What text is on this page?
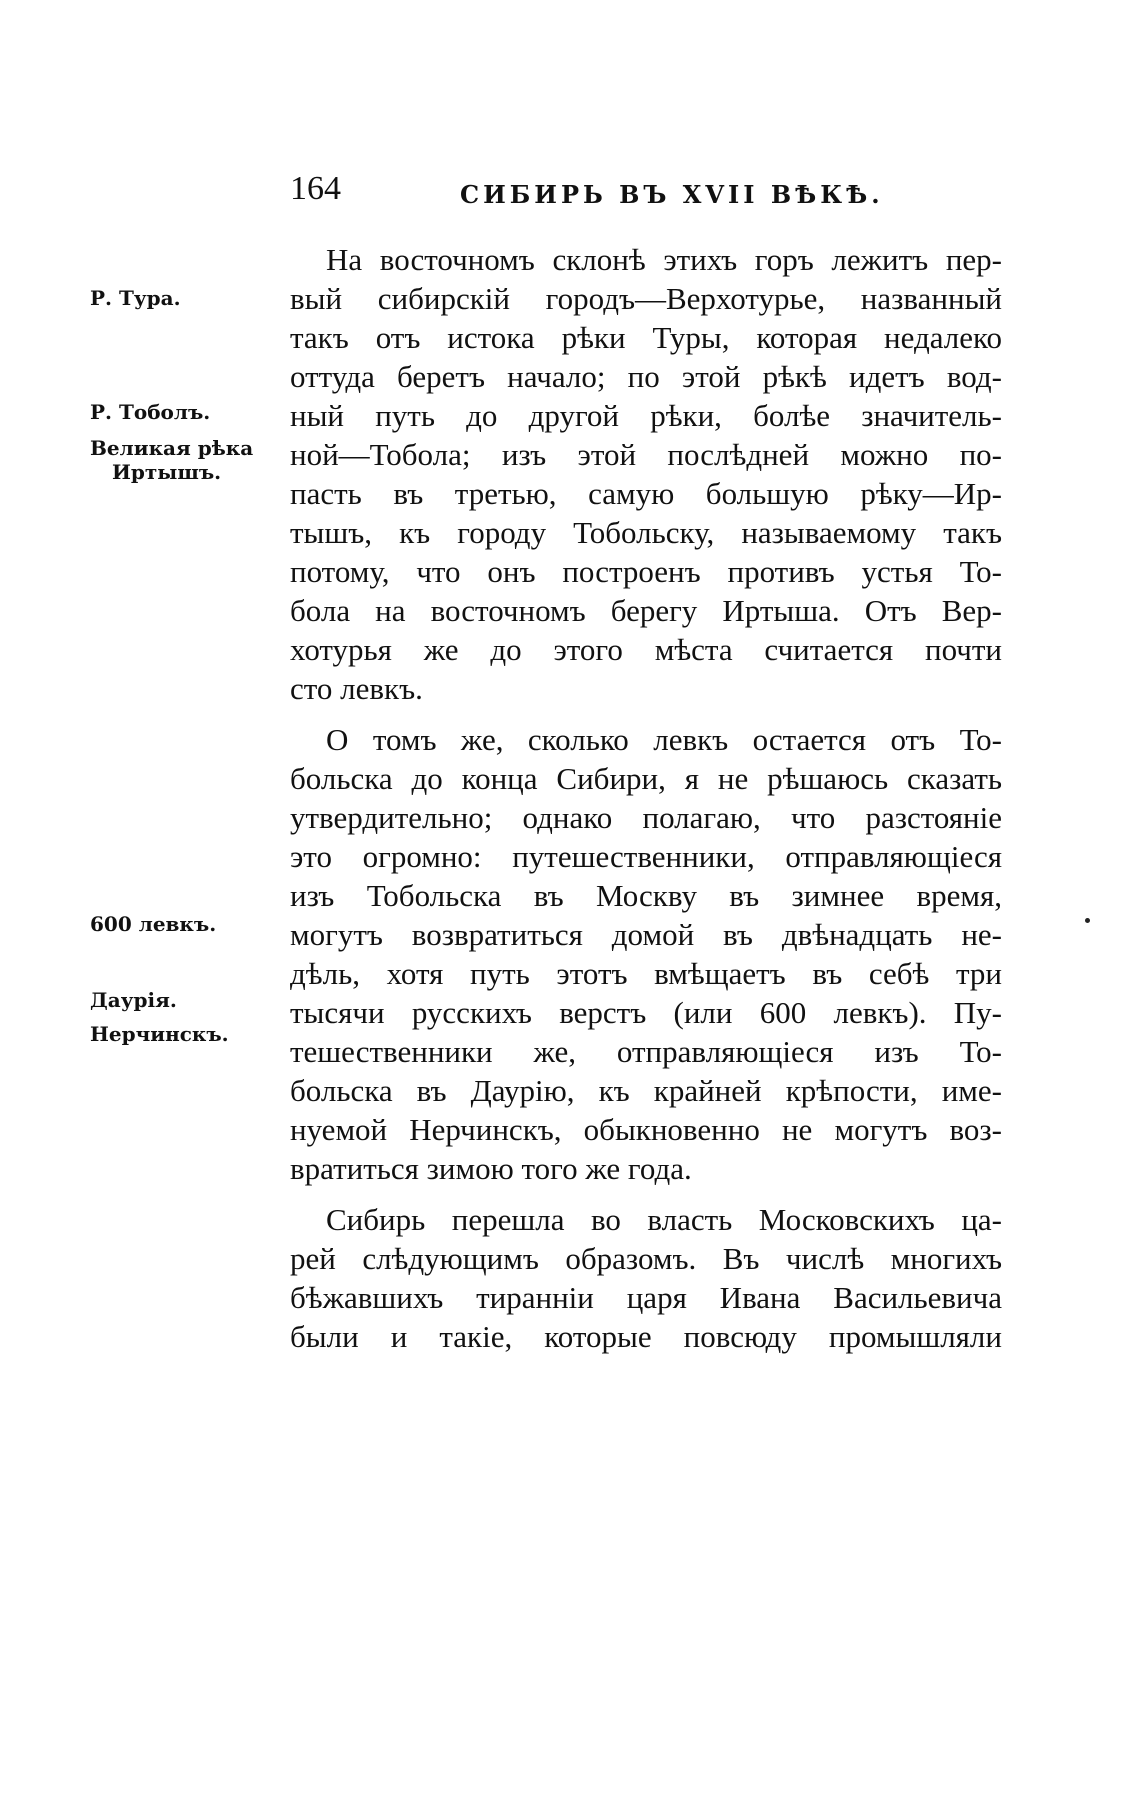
164	СИБИРЬ ВЪ XVII ВѢКѢ.
Р. Тура.
Р. Тоболъ.
Великая рѣка
Иртышъ.
600 левкъ.
Даурія.
Нерчинскъ.
На восточномъ склонѣ этихъ горъ лежитъ пер-
вый сибирскій городъ—Верхотурье, названный
такъ отъ истока рѣки Туры, которая недалеко
оттуда беретъ начало; по этой рѣкѣ идетъ вод-
ный путь до другой рѣки, болѣе значитель-
ной—Тобола; изъ этой послѣдней можно по-
пасть въ третью, самую большую рѣку—Ир-
тышъ, къ городу Тобольску, называемому такъ
потому, что онъ построенъ противъ устья То-
бола на восточномъ берегу Иртыша. Отъ Вер-
хотурья же до этого мѣста считается почти
сто левкъ.
О томъ же, сколько левкъ остается отъ То-
больска до конца Сибири, я не рѣшаюсь сказать
утвердительно; однако полагаю, что разстояніе
это огромно: путешественники, отправляющіеся
изъ Тобольска въ Москву въ зимнее время,
могутъ возвратиться домой въ двѣнадцать не-
дѣль, хотя путь этотъ вмѣщаетъ въ себѣ три
тысячи русскихъ верстъ (или 600 левкъ). Пу-
тешественники же, отправляющіеся изъ То-
больска въ Даурію, къ крайней крѣпости, име-
нуемой Нерчинскъ, обыкновенно не могутъ воз-
вратиться зимою того же года.
Сибирь перешла во власть Московскихъ ца-
рей слѣдующимъ образомъ. Въ числѣ многихъ
бѣжавшихъ тиранніи царя Ивана Васильевича
были и такіе, которые повсюду промышляли
